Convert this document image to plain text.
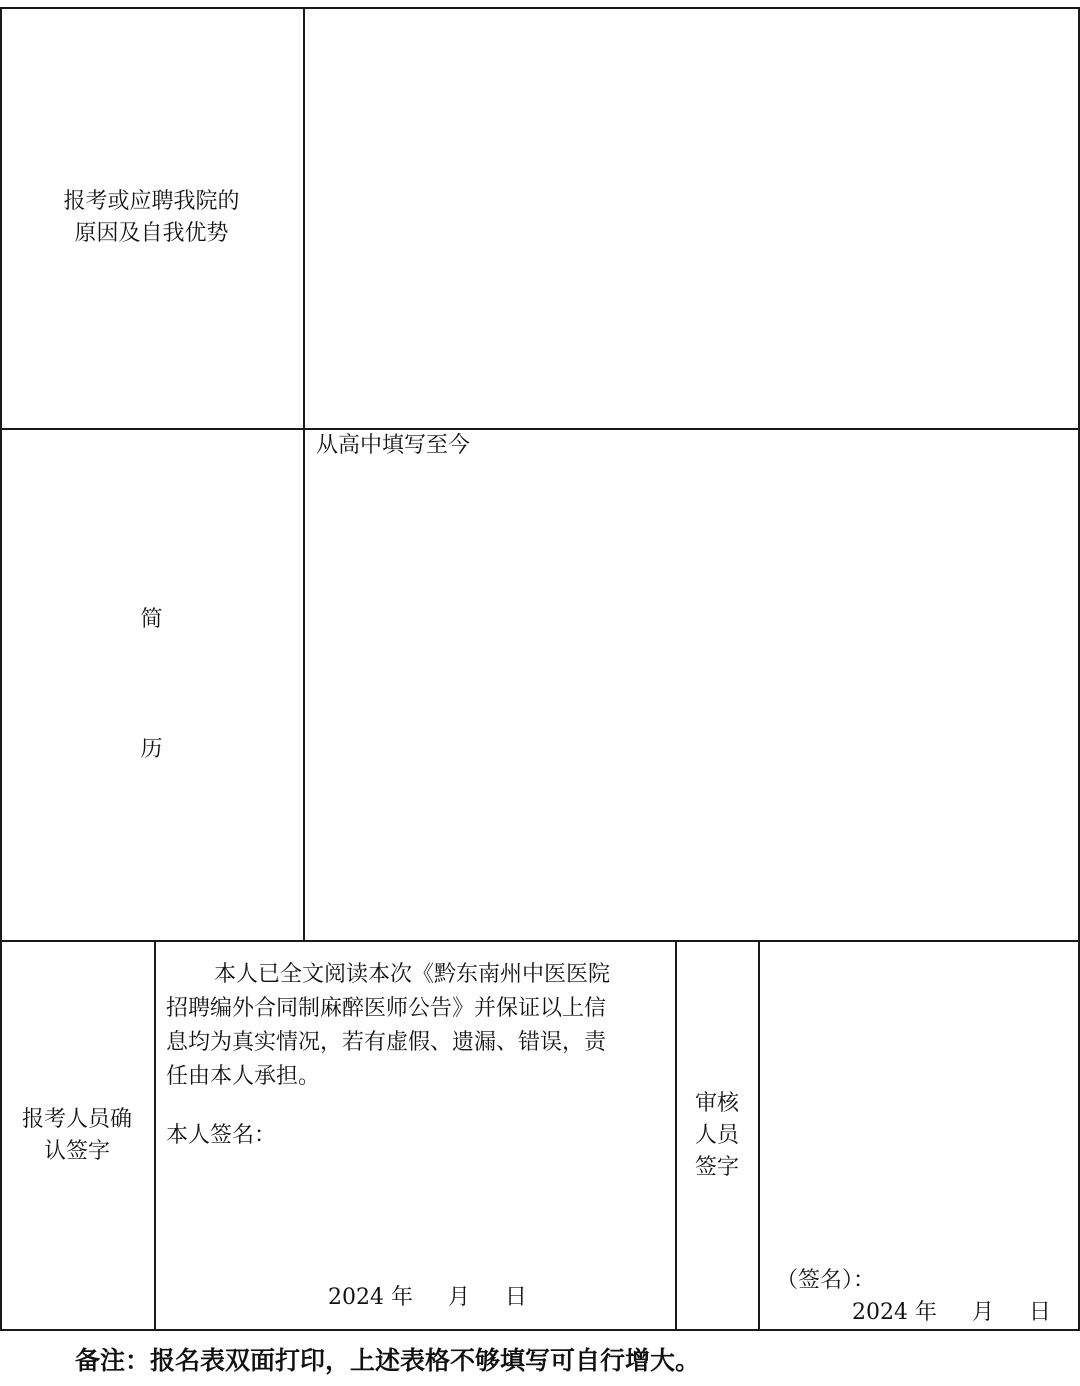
报考或应聘我院的
原因及自我优势
简
历
从高中填写至今
报考人员确
认签字
本人已全文阅读本次《黔东南州中医医院
招聘编外合同制麻醉医师公告》并保证以上信
息均为真实情况，若有虚假、遗漏、错误，责
任由本人承担。
本人签名：
2024 年     月     日
审核
人员
签字
（签名）：
2024 年     月     日
备注：报名表双面打印，上述表格不够填写可自行增大。
